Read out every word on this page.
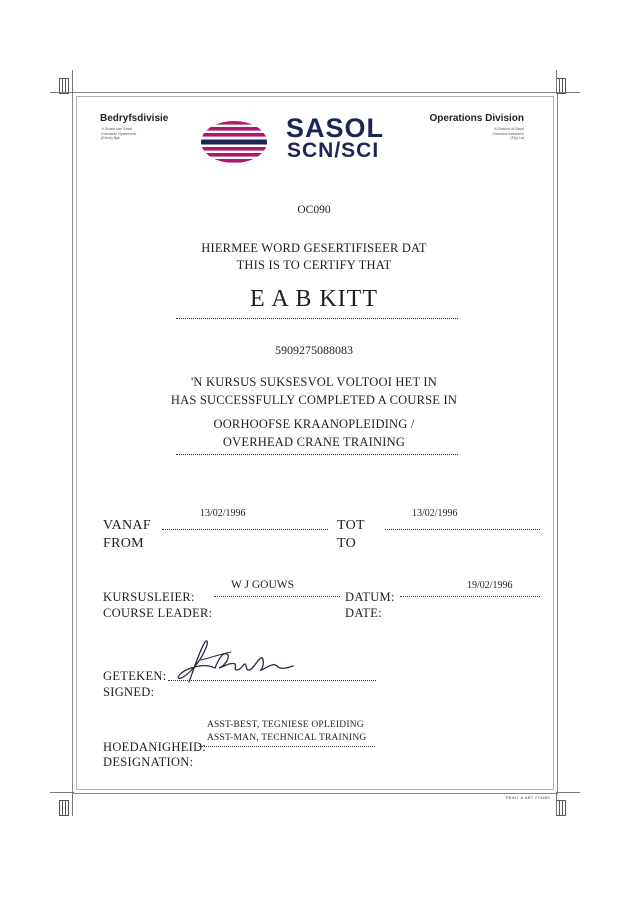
Bedryfsdivisie
'n Divisie van Sasol
Chemiese Nywerhede
(Edms) Bpk	SASOL
SCN/SCI
Operations Division
A Division of Sasol
Chemical Industries
(Pty) Ltd
OC090
HIERMEE WORD GESERTIFISEER DAT
THIS IS TO CERTIFY THAT
E A B KITT
5909275088083
'N KURSUS SUKSESVOL VOLTOOI HET IN
HAS SUCCESSFULLY COMPLETED A COURSE IN
OORHOOFSE KRAANOPLEIDING /
OVERHEAD CRANE TRAINING
13/02/1996
VANAF
FROM
13/02/1996
TOT
TO
W J GOUWS
KURSUSLEIER:
COURSE LEADER:
19/02/1996
DATUM:
DATE:
GETEKEN:
SIGNED:
ASST-BEST, TEGNIESE OPLEIDING
ASST-MAN, TECHNICAL TRAINING
HOEDANIGHEID:
DESIGNATION:
PRINT & ART 270450
